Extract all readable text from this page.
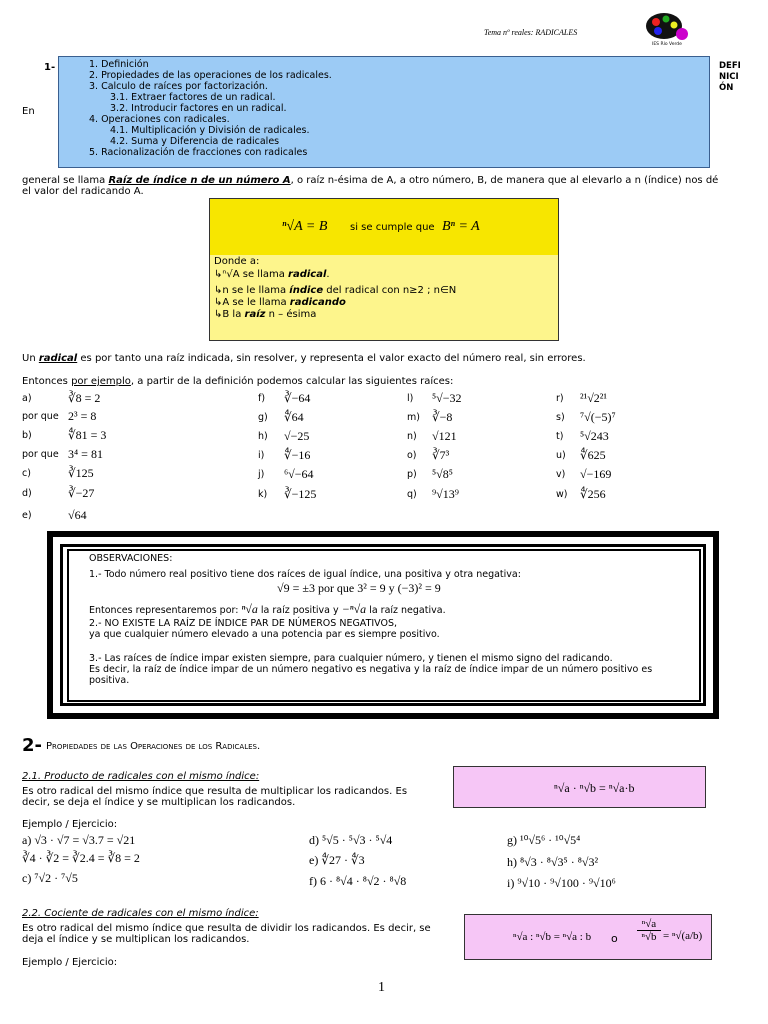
Tema nº reales: RADICALES
IES Río Verde
1-
En
1. Definición
2. Propiedades de las operaciones de los radicales.
3. Calculo de raíces por factorización.
3.1. Extraer factores de un radical.
3.2. Introducir factores en un radical.
4. Operaciones con radicales.
4.1. Multiplicación y División de radicales.
4.2. Suma y Diferencia de radicales
5. Racionalización de fracciones con radicales
DEFI
NICI
ÓN
general se llama Raíz de índice n de un número A, o raíz n-ésima de A, a otro número, B, de manera que al elevarlo a n (índice) nos dé
el valor del radicando A.
ⁿ√A = B si se cumple que Bⁿ = A
Donde a:
↳ⁿ√A se llama radical.
↳n se le llama índice del radical con n≥2 ; n∈N
↳A se le llama radicando
↳B la raíz n – ésima
Un radical es por tanto una raíz indicada, sin resolver, y representa el valor exacto del número real, sin errores.
Entonces por ejemplo, a partir de la definición podemos calcular las siguientes raíces:
a)	∛8 = 2
por que 2³ = 8
b)	∜81 = 3
por que 3⁴ = 81
c)	∛125
d)	∛−27
e)	√64
f) ∛−64
g) ∜64
h) √−25
i) ∜−16
j) ⁶√−64
k) ∛−125
l) ⁵√−32
m) ∛−8
n) √121
o) ∛7³
p) ⁵√8⁵
q) ⁹√13⁹
r) ²¹√2²¹
s) ⁷√(−5)⁷
t) ⁵√243
u) ∜625
v) √−169
w) ∜256
OBSERVACIONES:
1.- Todo número real positivo tiene dos raíces de igual índice, una positiva y otra negativa:
√9 = ±3 por que 3² = 9 y (−3)² = 9
Entonces representaremos por: ⁿ√a la raíz positiva y −ⁿ√a la raíz negativa.
2.- NO EXISTE LA RAÍZ DE ÍNDICE PAR DE NÚMEROS NEGATIVOS,
ya que cualquier número elevado a una potencia par es siempre positivo.
3.- Las raíces de índice impar existen siempre, para cualquier número, y tienen el mismo signo del radicando.
Es decir, la raíz de índice impar de un número negativo es negativa y la raíz de índice impar de un número positivo es
positiva.
2- Propiedades de las Operaciones de los Radicales.
2.1. Producto de radicales con el mismo índice:
Es otro radical del mismo índice que resulta de multiplicar los radicandos. Es
decir, se deja el índice y se multiplican los radicandos.
ⁿ√a · ⁿ√b = ⁿ√a·b
Ejemplo / Ejercicio:
a) √3 · √7 = √3.7 = √21
∛4 · ∛2 = ∛2.4 = ∛8 = 2
c) ⁷√2 · ⁷√5
d) ⁵√5 · ⁵√3 · ⁵√4
e) ∜27 · ∜3
f) 6 · ⁸√4 · ⁸√2 · ⁸√8
g) ¹⁰√5⁶ · ¹⁰√5⁴
h) ⁸√3 · ⁸√3⁵ · ⁸√3²
i) ⁹√10 · ⁹√100 · ⁹√10⁶
2.2. Cociente de radicales con el mismo índice:
Es otro radical del mismo índice que resulta de dividir los radicandos. Es decir, se
deja el índice y se multiplican los radicandos.	ⁿ√a : ⁿ√b = ⁿ√a : b o $\frac{\text{ⁿ√a}}{\text{ⁿ√b}} = ^n√(a/b)$
Ejemplo / Ejercicio:
1
